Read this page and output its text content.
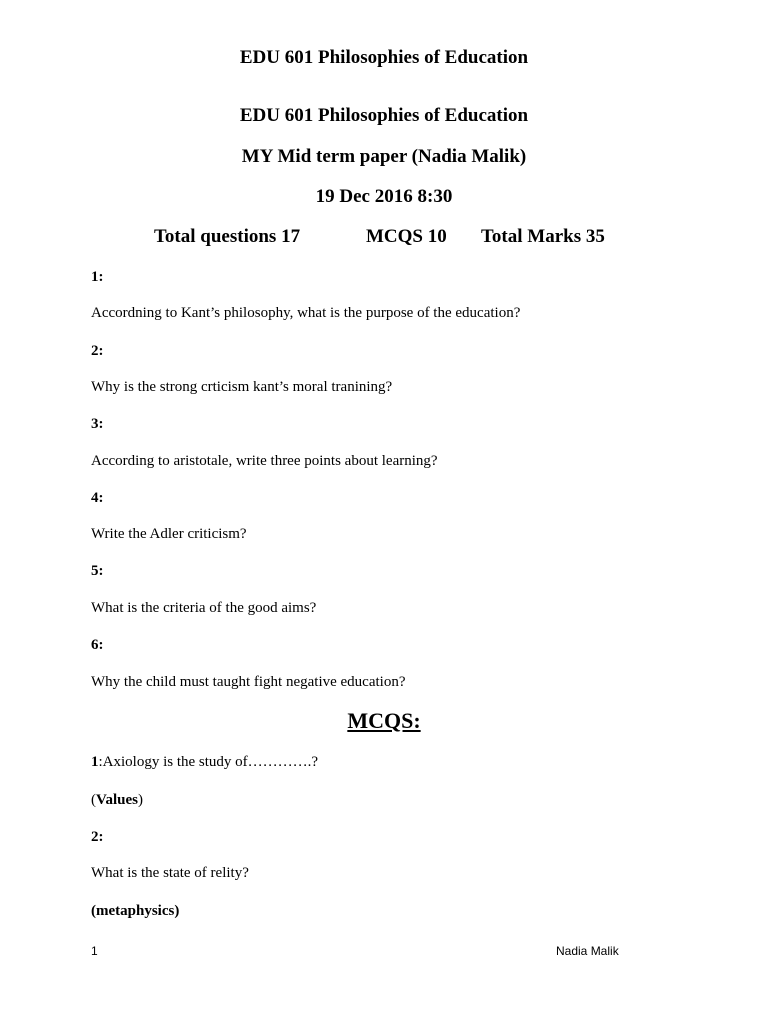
EDU 601 Philosophies of Education
EDU 601 Philosophies of Education
MY Mid term paper (Nadia Malik)
19 Dec 2016 8:30
Total questions 17	MCQS 10 Total Marks 35
1:
Accordning to Kant’s philosophy, what is the purpose of the education?
2:
Why is the strong crticism kant’s moral tranining?
3:
According to aristotale, write three points about learning?
4:
Write the Adler criticism?
5:
What is the criteria of the good aims?
6:
Why the child must taught fight negative education?
MCQS:
1:Axiology is the study of………….?
(Values)
2:
What is the state of relity?
(metaphysics)
1	Nadia Malik
